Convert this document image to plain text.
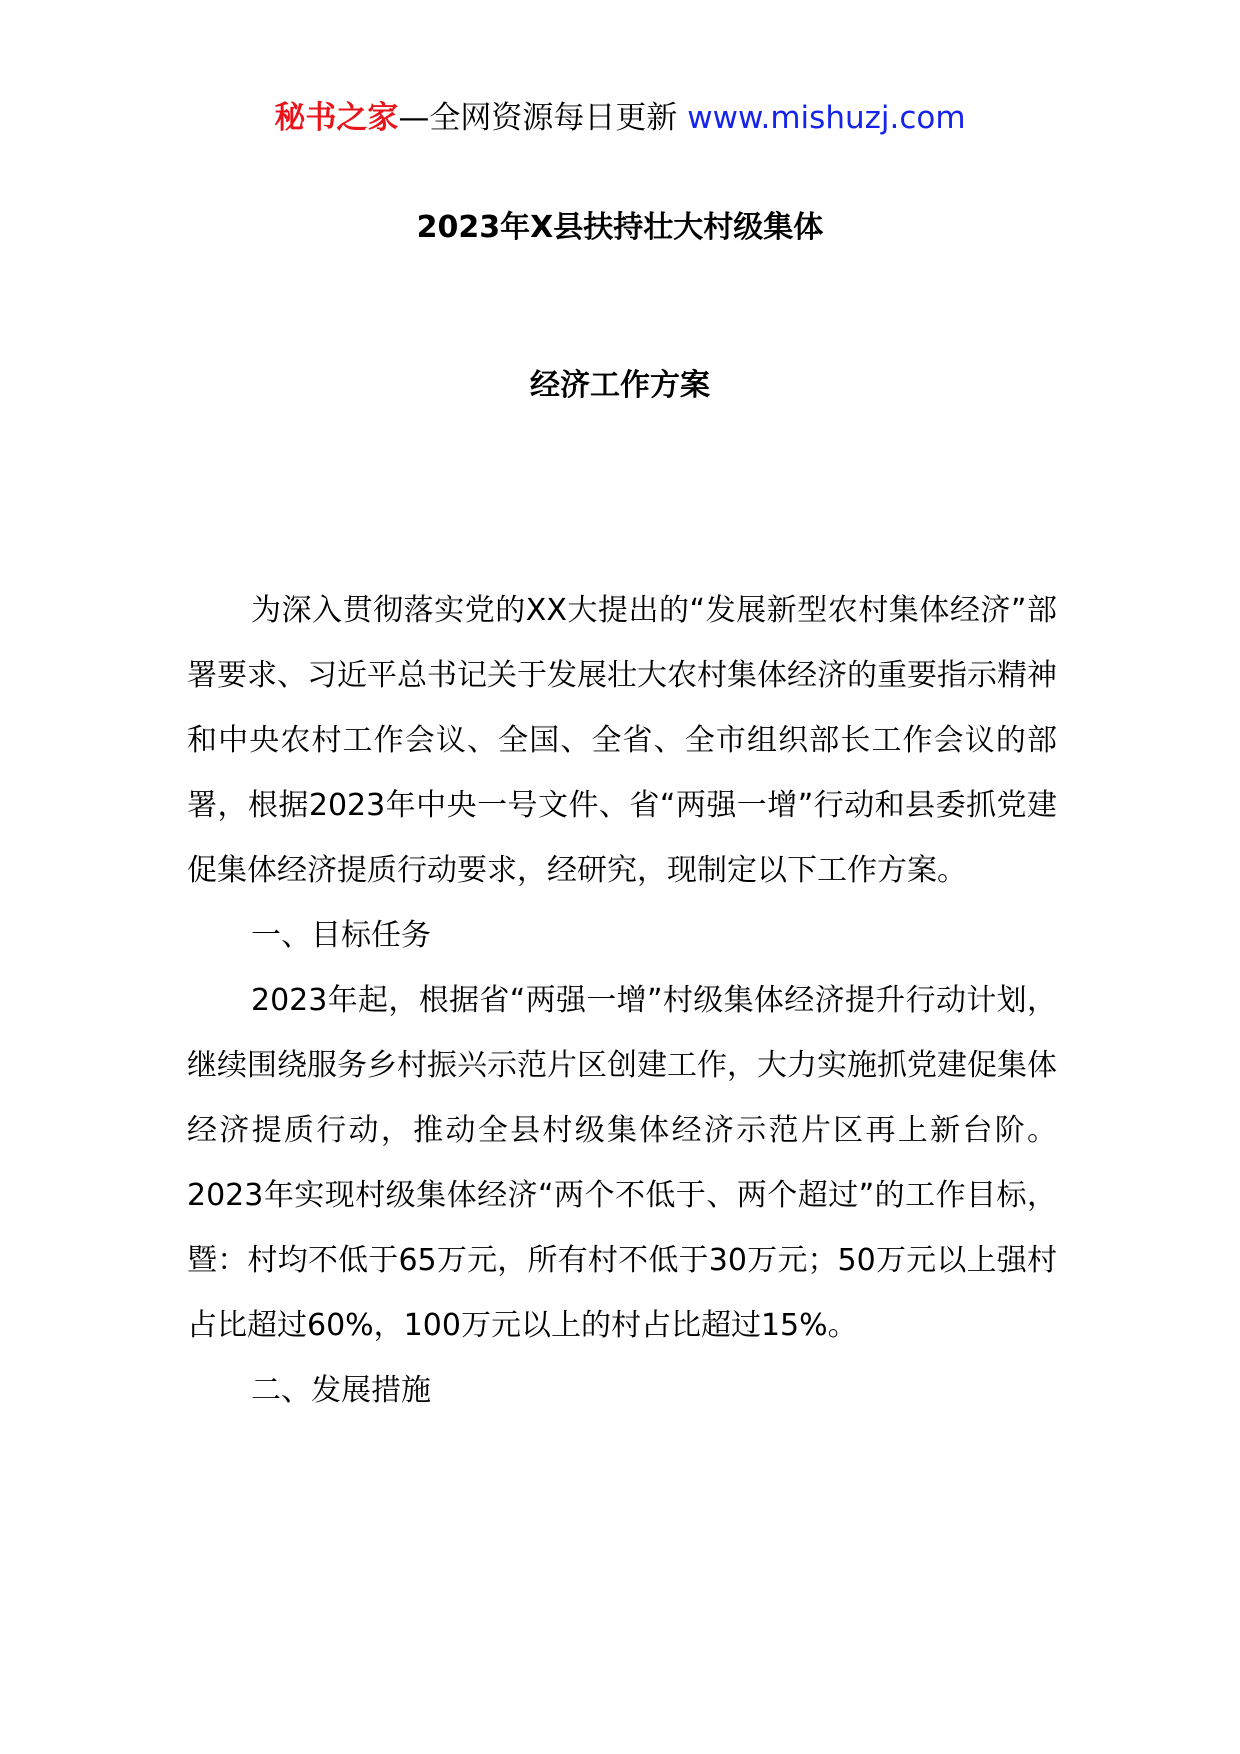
秘书之家—全网资源每日更新 www.mishuzj.com
2023年X县扶持壮大村级集体
经济工作方案

为深入贯彻落实党的XX大提出的“发展新型农村集体经济”部署要求、习近平总书记关于发展壮大农村集体经济的重要指示精神和中央农村工作会议、全国、全省、全市组织部长工作会议的部署，根据2023年中央一号文件、省“两强一增”行动和县委抓党建促集体经济提质行动要求，经研究，现制定以下工作方案。

一、目标任务

2023年起，根据省“两强一增”村级集体经济提升行动计划，继续围绕服务乡村振兴示范片区创建工作，大力实施抓党建促集体经济提质行动，推动全县村级集体经济示范片区再上新台阶。2023年实现村级集体经济“两个不低于、两个超过”的工作目标，暨：村均不低于65万元，所有村不低于30万元；50万元以上强村占比超过60%，100万元以上的村占比超过15%。

二、发展措施
